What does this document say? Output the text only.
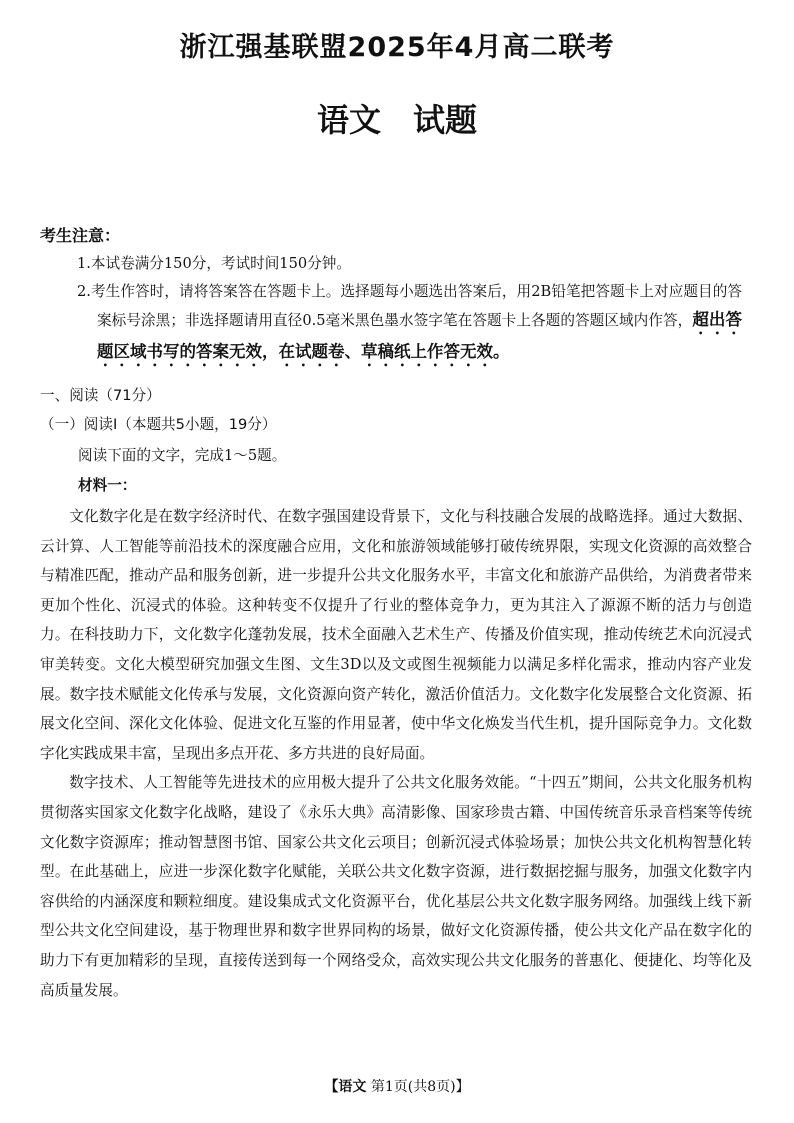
浙江强基联盟2025年4月高二联考
语文　试题
考生注意：

1.本试卷满分150分，考试时间150分钟。

2.考生作答时，请将答案答在答题卡上。选择题每小题选出答案后，用2B铅笔把答题卡上对应题目的答案标号涂黑；非选择题请用直径0.5毫米黑色墨水签字笔在答题卡上各题的答题区域内作答，超出答题区域书写的答案无效，在试题卷、草稿纸上作答无效。

一、阅读（71分）
（一）阅读Ⅰ（本题共5小题，19分）
阅读下面的文字，完成1～5题。
材料一：

文化数字化是在数字经济时代、在数字强国建设背景下，文化与科技融合发展的战略选择。通过大数据、云计算、人工智能等前沿技术的深度融合应用，文化和旅游领域能够打破传统界限，实现文化资源的高效整合与精准匹配，推动产品和服务创新，进一步提升公共文化服务水平，丰富文化和旅游产品供给，为消费者带来更加个性化、沉浸式的体验。这种转变不仅提升了行业的整体竞争力，更为其注入了源源不断的活力与创造力。在科技助力下，文化数字化蓬勃发展，技术全面融入艺术生产、传播及价值实现，推动传统艺术向沉浸式审美转变。文化大模型研究加强文生图、文生3D以及文或图生视频能力以满足多样化需求，推动内容产业发展。数字技术赋能文化传承与发展，文化资源向资产转化，激活价值活力。文化数字化发展整合文化资源、拓展文化空间、深化文化体验、促进文化互鉴的作用显著，使中华文化焕发当代生机，提升国际竞争力。文化数字化实践成果丰富，呈现出多点开花、多方共进的良好局面。

数字技术、人工智能等先进技术的应用极大提升了公共文化服务效能。“十四五”期间，公共文化服务机构贯彻落实国家文化数字化战略，建设了《永乐大典》高清影像、国家珍贵古籍、中国传统音乐录音档案等传统文化数字资源库；推动智慧图书馆、国家公共文化云项目；创新沉浸式体验场景；加快公共文化机构智慧化转型。在此基础上，应进一步深化数字化赋能，关联公共文化数字资源，进行数据挖掘与服务，加强文化数字内容供给的内涵深度和颗粒细度。建设集成式文化资源平台，优化基层公共文化数字服务网络。加强线上线下新型公共文化空间建设，基于物理世界和数字世界同构的场景，做好文化资源传播，使公共文化产品在数字化的助力下有更加精彩的呈现，直接传送到每一个网络受众，高效实现公共文化服务的普惠化、便捷化、均等化及高质量发展。

【语文 第1页(共8页)】
